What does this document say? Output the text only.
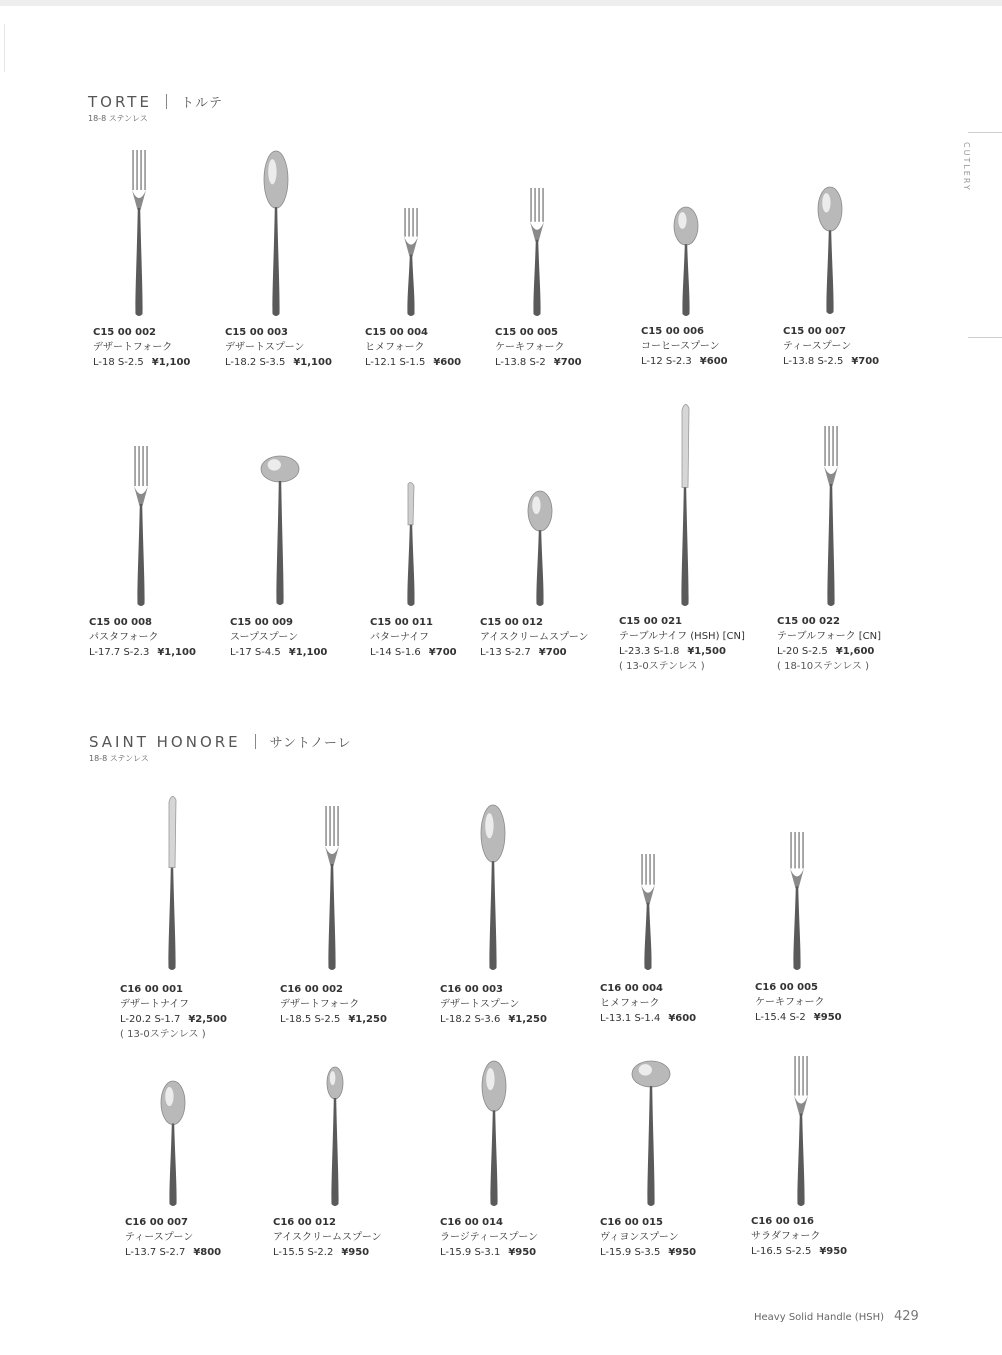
CUTLERY
TORTE トルテ
18-8 ステンレス
SAINT HONORE サントノーレ
18-8 ステンレス
C15 00 002
デザートフォーク
L-18 S-2.5 ¥1,100
C15 00 003
デザートスプーン
L-18.2 S-3.5 ¥1,100
C15 00 004
ヒメフォーク
L-12.1 S-1.5 ¥600
C15 00 005
ケーキフォーク
L-13.8 S-2 ¥700
C15 00 006
コーヒースプーン
L-12 S-2.3 ¥600
C15 00 007
ティースプーン
L-13.8 S-2.5 ¥700
C15 00 008
パスタフォーク
L-17.7 S-2.3 ¥1,100
C15 00 009
スープスプーン
L-17 S-4.5 ¥1,100
C15 00 011
バターナイフ
L-14 S-1.6 ¥700
C15 00 012
アイスクリームスプーン
L-13 S-2.7 ¥700
C15 00 021
テーブルナイフ (HSH) [CN]
L-23.3 S-1.8 ¥1,500
( 13-0ステンレス )
C15 00 022
テーブルフォーク [CN]
L-20 S-2.5 ¥1,600
( 18-10ステンレス )
C16 00 001
デザートナイフ
L-20.2 S-1.7 ¥2,500
( 13-0ステンレス )
C16 00 002
デザートフォーク
L-18.5 S-2.5 ¥1,250
C16 00 003
デザートスプーン
L-18.2 S-3.6 ¥1,250
C16 00 004
ヒメフォーク
L-13.1 S-1.4 ¥600
C16 00 005
ケーキフォーク
L-15.4 S-2 ¥950
C16 00 007
ティースプーン
L-13.7 S-2.7 ¥800
C16 00 012
アイスクリームスプーン
L-15.5 S-2.2 ¥950
C16 00 014
ラージティースプーン
L-15.9 S-3.1 ¥950
C16 00 015
ヴィヨンスプーン
L-15.9 S-3.5 ¥950
C16 00 016
サラダフォーク
L-16.5 S-2.5 ¥950
Heavy Solid Handle (HSH) 429
